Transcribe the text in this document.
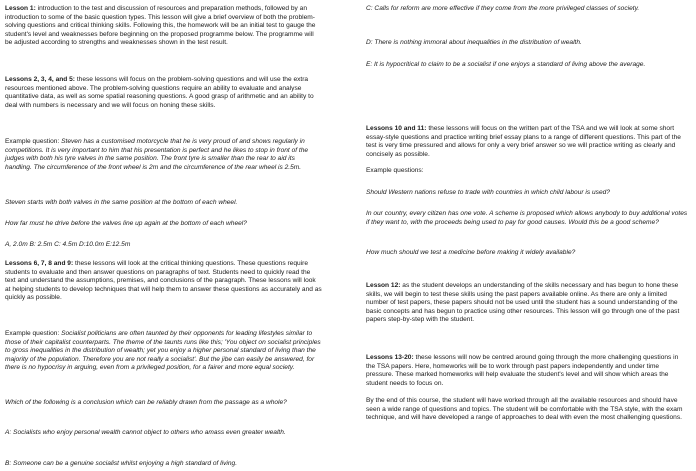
Lesson 1: introduction to the test and discussion of resources and preparation methods, followed by an introduction to some of the basic question types. This lesson will give a brief overview of both the problem-solving questions and critical thinking skills. Following this, the homework will be an initial test to gauge the student's level and weaknesses before beginning on the proposed programme below. The programme will be adjusted according to strengths and weaknesses shown in the test result.

Lessons 2, 3, 4, and 5: these lessons will focus on the problem-solving questions and will use the extra resources mentioned above. The problem-solving questions require an ability to evaluate and analyse quantitative data, as well as some spatial reasoning questions. A good grasp of arithmetic and an ability to deal with numbers is necessary and we will focus on honing these skills.

Example question: Steven has a customised motorcycle that he is very proud of and shows regularly in competitions. It is very important to him that his presentation is perfect and he likes to stop in front of the judges with both his tyre valves in the same position. The front tyre is smaller than the rear to aid its handling. The circumference of the front wheel is 2m and the circumference of the rear wheel is 2.5m.

Steven starts with both valves in the same position at the bottom of each wheel.

How far must he drive before the valves line up again at the bottom of each wheel?

A, 2.0m B: 2.5m C: 4.5m D:10.0m E:12.5m

Lessons 6, 7, 8 and 9: these lessons will look at the critical thinking questions. These questions require students to evaluate and then answer questions on paragraphs of text. Students need to quickly read the text and understand the assumptions, premises, and conclusions of the paragraph. These lessons will look at helping students to develop techniques that will help them to answer these questions as accurately and as quickly as possible.

Example question: Socialist politicians are often taunted by their opponents for leading lifestyles similar to those of their capitalist counterparts. The theme of the taunts runs like this; 'You object on socialist principles to gross inequalities in the distribution of wealth; yet you enjoy a higher personal standard of living than the majority of the population. Therefore you are not really a socialist'. But the jibe can easily be answered, for there is no hypocrisy in arguing, even from a privileged position, for a fairer and more equal society.

Which of the following is a conclusion which can be reliably drawn from the passage as a whole?

A: Socialists who enjoy personal wealth cannot object to others who amass even greater wealth.

B: Someone can be a genuine socialist whilst enjoying a high standard of living.

C: Calls for reform are more effective if they come from the more privileged classes of society.

D: There is nothing immoral about inequalities in the distribution of wealth.

E: It is hypocritical to claim to be a socialist if one enjoys a standard of living above the average.

Lessons 10 and 11: these lessons will focus on the written part of the TSA and we will look at some short essay-style questions and practice writing brief essay plans to a range of different questions. This part of the test is very time pressured and allows for only a very brief answer so we will practice writing as clearly and concisely as possible.

Example questions:

Should Western nations refuse to trade with countries in which child labour is used?

In our country, every citizen has one vote. A scheme is proposed which allows anybody to buy additional votes if they want to, with the proceeds being used to pay for good causes. Would this be a good scheme?

How much should we test a medicine before making it widely available?

Lesson 12: as the student develops an understanding of the skills necessary and has begun to hone these skills, we will begin to test these skills using the past papers available online. As there are only a limited number of test papers, these papers should not be used until the student has a sound understanding of the basic concepts and has begun to practice using other resources. This lesson will go through one of the past papers step-by-step with the student.

Lessons 13-20: these lessons will now be centred around going through the more challenging questions in the TSA papers. Here, homeworks will be to work through past papers independently and under time pressure. These marked homeworks will help evaluate the student's level and will show which areas the student needs to focus on.

By the end of this course, the student will have worked through all the available resources and should have seen a wide range of questions and topics. The student will be comfortable with the TSA style, with the exam technique, and will have developed a range of approaches to deal with even the most challenging questions.
